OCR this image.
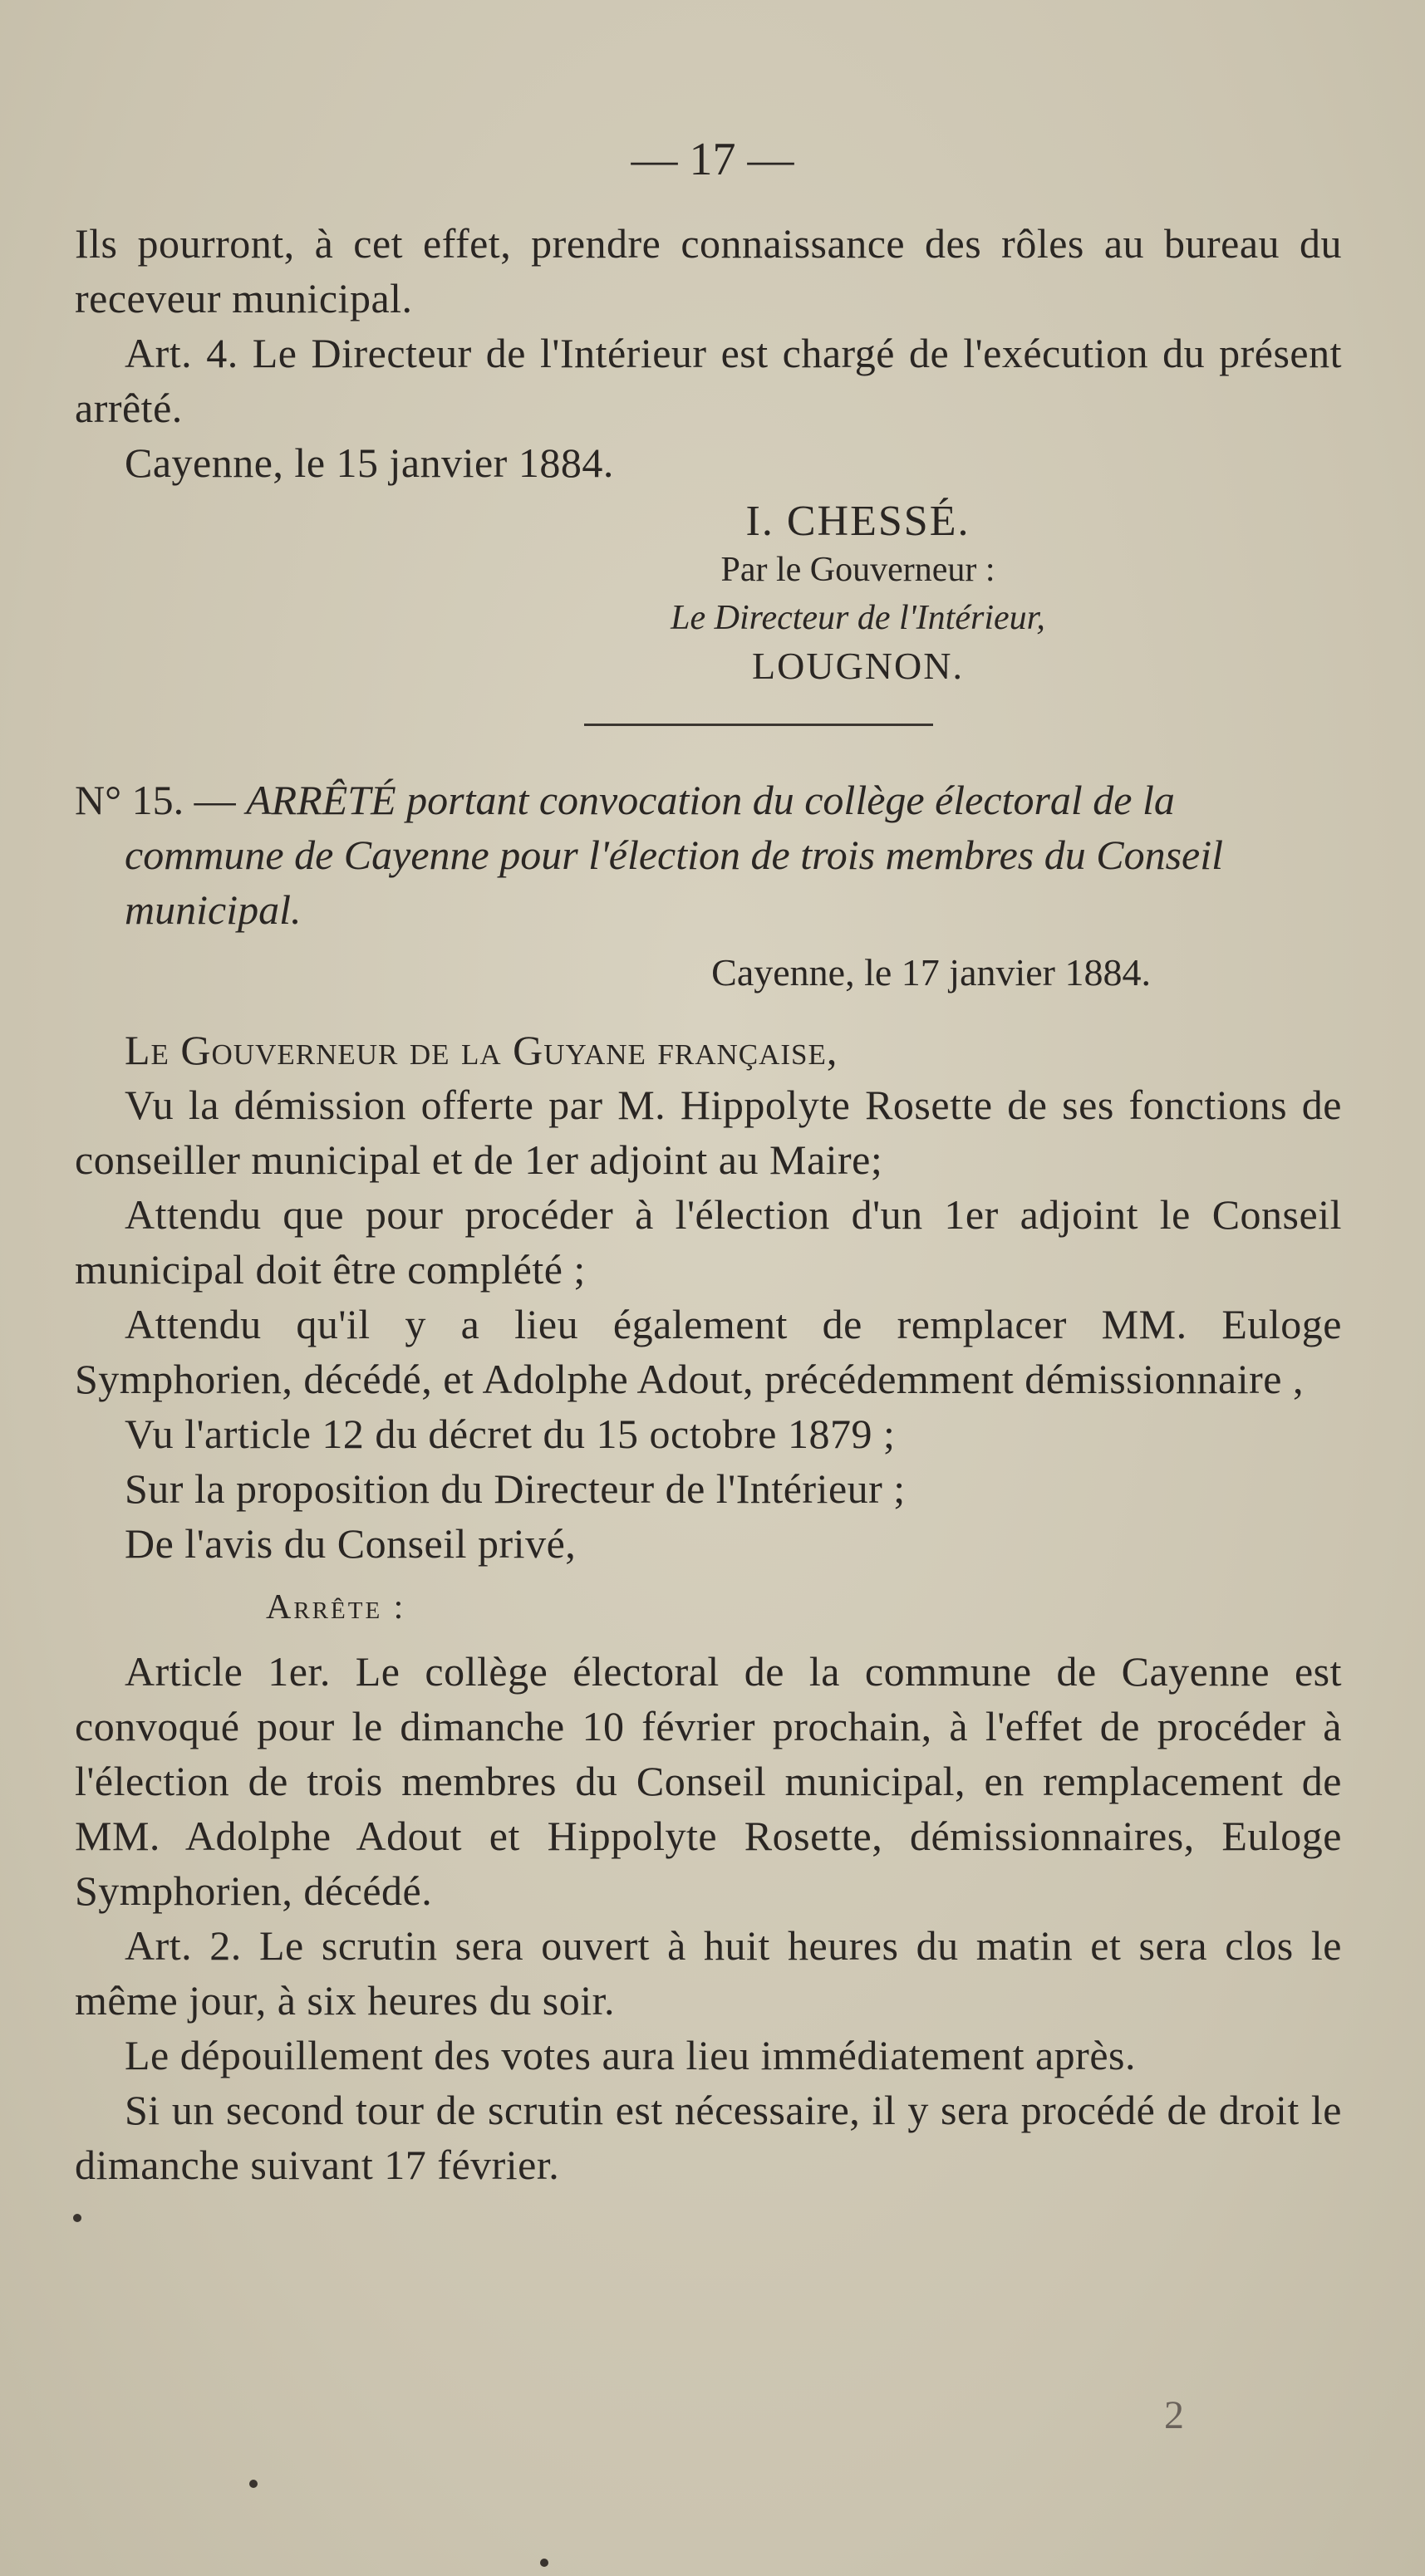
— 17 —

Ils pourront, à cet effet, prendre connaissance des rôles au bureau du receveur municipal.

Art. 4. Le Directeur de l'Intérieur est chargé de l'exécution du présent arrêté.

Cayenne, le 15 janvier 1884.

I. CHESSÉ.
Par le Gouverneur :
Le Directeur de l'Intérieur,
LOUGNON.

N° 15. — ARRÊTÉ portant convocation du collège électoral de la commune de Cayenne pour l'élection de trois membres du Conseil municipal.

Cayenne, le 17 janvier 1884.

Le Gouverneur de la Guyane française,

Vu la démission offerte par M. Hippolyte Rosette de ses fonctions de conseiller municipal et de 1er adjoint au Maire;

Attendu que pour procéder à l'élection d'un 1er adjoint le Conseil municipal doit être complété ;

Attendu qu'il y a lieu également de remplacer MM. Euloge Symphorien, décédé, et Adolphe Adout, précédemment démissionnaire ,

Vu l'article 12 du décret du 15 octobre 1879 ;

Sur la proposition du Directeur de l'Intérieur ;

De l'avis du Conseil privé,

Arrête :

Article 1er. Le collège électoral de la commune de Cayenne est convoqué pour le dimanche 10 février prochain, à l'effet de procéder à l'élection de trois membres du Conseil municipal, en remplacement de MM. Adolphe Adout et Hippolyte Rosette, démissionnaires, Euloge Symphorien, décédé.

Art. 2. Le scrutin sera ouvert à huit heures du matin et sera clos le même jour, à six heures du soir.

Le dépouillement des votes aura lieu immédiatement après.

Si un second tour de scrutin est nécessaire, il y sera procédé de droit le dimanche suivant 17 février.

2
